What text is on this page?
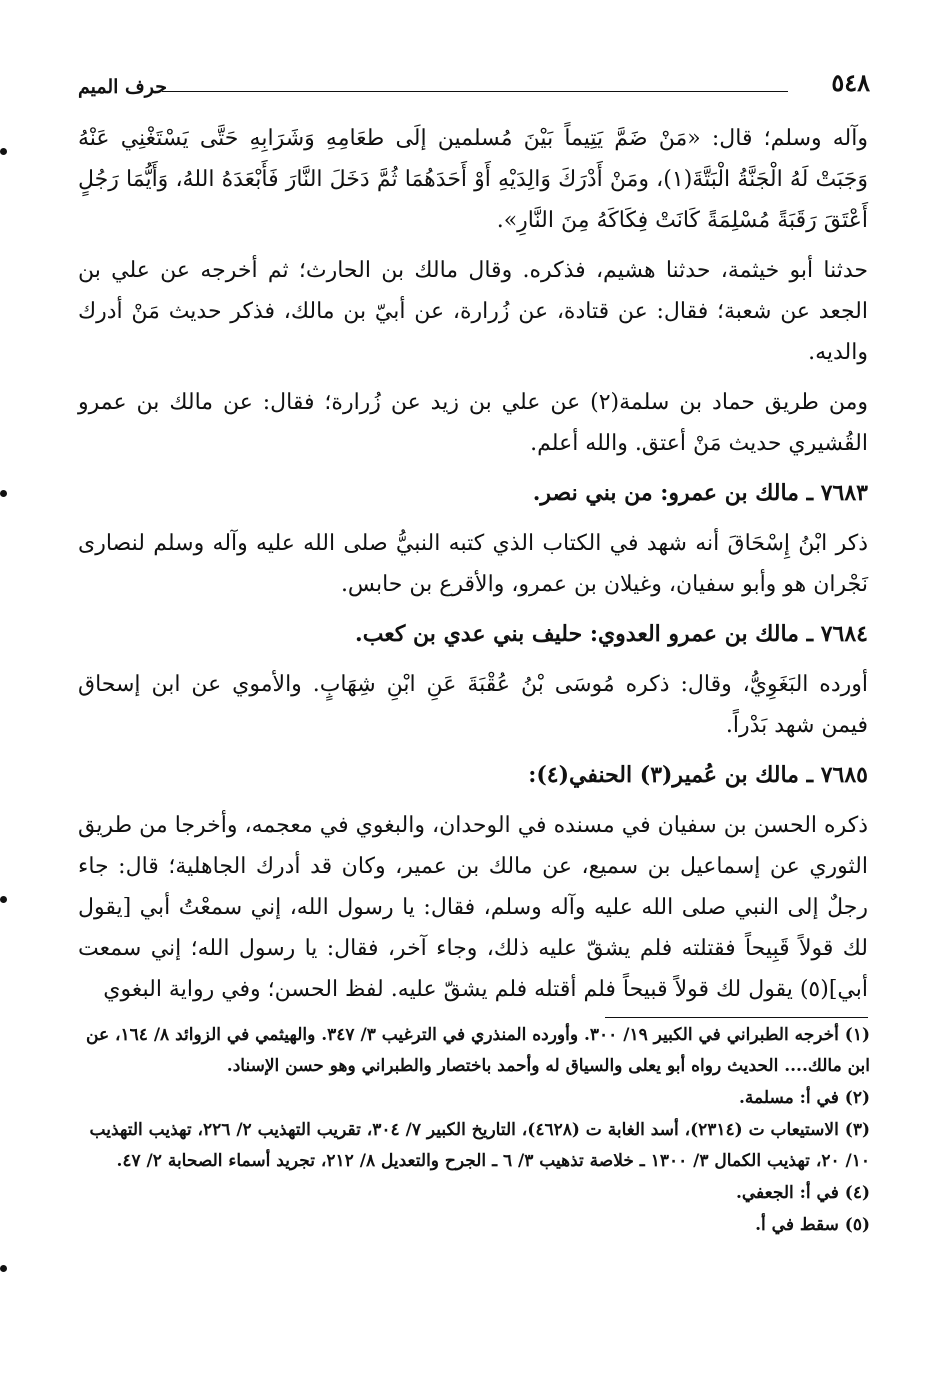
٥٤٨
حرف الميم

وآله وسلم؛ قال: «مَنْ ضَمَّ يَتِيماً بَيْنَ مُسلمين إلَى طعَامِهِ وَشَرَابِهِ حَتَّى يَسْتَغْنِي عَنْهُ وَجَبَتْ لَهُ الْجَنَّةُ الْبَتَّةَ(١)، ومَنْ أَدْرَكَ وَالِدَيْهِ أَوْ أَحَدَهُمَا ثُمَّ دَخَلَ النَّارَ فَأَبْعَدَهُ اللهُ، وَأَيُّمَا رَجُلٍ أَعْتَقَ رَقَبَةً مُسْلِمَةً كَانَتْ فِكَاكَهُ مِنَ النَّارِ».

حدثنا أبو خيثمة، حدثنا هشيم، فذكره. وقال مالك بن الحارث؛ ثم أخرجه عن علي بن الجعد عن شعبة؛ فقال: عن قتادة، عن زُرارة، عن أبيّ بن مالك، فذكر حديث مَنْ أدرك والديه.

ومن طريق حماد بن سلمة(٢) عن علي بن زيد عن زُرارة؛ فقال: عن مالك بن عمرو القُشيري حديث مَنْ أعتق. والله أعلم.

٧٦٨٣ ـ مالك بن عمرو: من بني نصر.

ذكر ابْنُ إِسْحَاقَ أنه شهد في الكتاب الذي كتبه النبيُّ صلى الله عليه وآله وسلم لنصارى نَجْران هو وأبو سفيان، وغيلان بن عمرو، والأقرع بن حابس.

٧٦٨٤ ـ مالك بن عمرو العدوي: حليف بني عدي بن كعب.

أورده البَغَوِيُّ، وقال: ذكره مُوسَى بْنُ عُقْبَةَ عَنِ ابْنِ شِهَابٍ. والأموي عن ابن إسحاق فيمن شهد بَدْراً.

٧٦٨٥ ـ مالك بن عُمير(٣) الحنفي(٤):

ذكره الحسن بن سفيان في مسنده في الوحدان، والبغوي في معجمه، وأخرجا من طريق الثوري عن إسماعيل بن سميع، عن مالك بن عمير، وكان قد أدرك الجاهلية؛ قال: جاء رجلٌ إلى النبي صلى الله عليه وآله وسلم، فقال: يا رسول الله، إني سمعْتُ أبي [يقول لك قولاً قَبِيحاً فقتلته فلم يشقّ عليه ذلك، وجاء آخر، فقال: يا رسول الله؛ إني سمعت أبي](٥) يقول لك قولاً قبيحاً فلم أقتله فلم يشقّ عليه. لفظ الحسن؛ وفي رواية البغوي

(١) أخرجه الطبراني في الكبير ١٩/ ٣٠٠. وأورده المنذري في الترغيب ٣/ ٣٤٧. والهيثمي في الزوائد ٨/ ١٦٤، عن ابن مالك.... الحديث رواه أبو يعلى والسياق له وأحمد باختصار والطبراني وهو حسن الإسناد.

(٢) في أ: مسلمة.

(٣) الاستيعاب ت (٢٣١٤)، أسد الغابة ت (٤٦٢٨)، التاريخ الكبير ٧/ ٣٠٤، تقريب التهذيب ٢/ ٢٢٦، تهذيب التهذيب ١٠/ ٢٠، تهذيب الكمال ٣/ ١٣٠٠ ـ خلاصة تذهيب ٣/ ٦ ـ الجرح والتعديل ٨/ ٢١٢، تجريد أسماء الصحابة ٢/ ٤٧.

(٤) في أ: الجعفي.

(٥) سقط في أ.
